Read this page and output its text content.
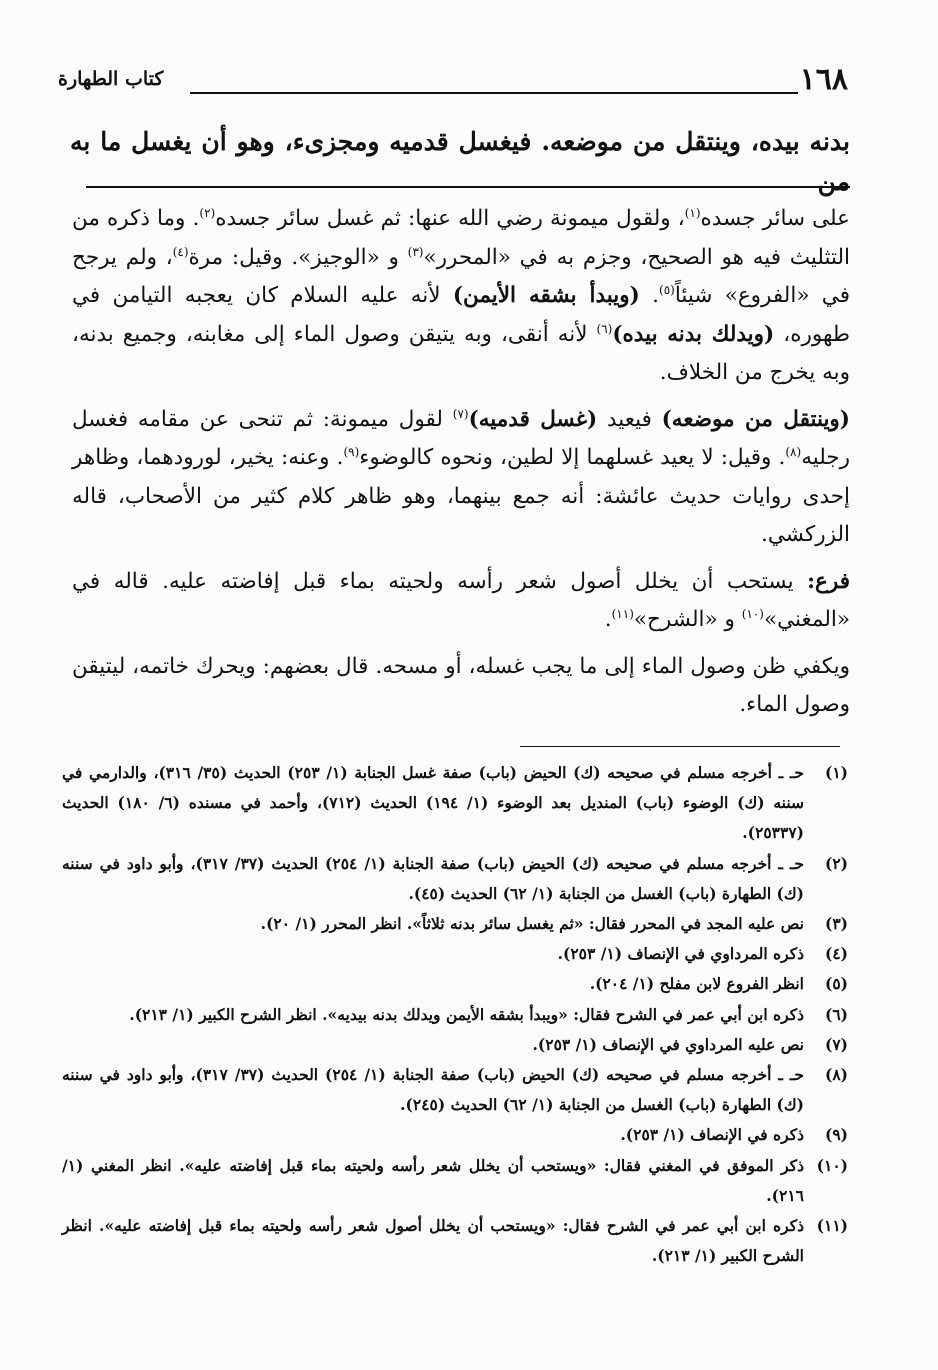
١٦٨
كتاب الطهارة
بدنه بيده، وينتقل من موضعه. فيغسل قدميه ومجزىء، وهو أن يغسل ما به من

على سائر جسده$^{(١)}$، ولقول ميمونة رضي الله عنها: ثم غسل سائر جسده$^{(٢)}$. وما ذكره من التثليث فيه هو الصحيح، وجزم به في «المحرر»$^{(٣)}$ و «الوجيز». وقيل: مرة$^{(٤)}$، ولم يرجح في «الفروع» شيئاً$^{(٥)}$. (ويبدأ بشقه الأيمن) لأنه عليه السلام كان يعجبه التيامن في طهوره، (ويدلك بدنه بيده)$^{(٦)}$ لأنه أنقى، وبه يتيقن وصول الماء إلى مغابنه، وجميع بدنه، وبه يخرج من الخلاف.

(وينتقل من موضعه) فيعيد (غسل قدميه)$^{(٧)}$ لقول ميمونة: ثم تنحى عن مقامه فغسل رجليه$^{(٨)}$. وقيل: لا يعيد غسلهما إلا لطين، ونحوه كالوضوء$^{(٩)}$. وعنه: يخير، لورودهما، وظاهر إحدى روايات حديث عائشة: أنه جمع بينهما، وهو ظاهر كلام كثير من الأصحاب، قاله الزركشي.

فرع: يستحب أن يخلل أصول شعر رأسه ولحيته بماء قبل إفاضته عليه. قاله في «المغني»$^{(١٠)}$ و «الشرح»$^{(١١)}$.

ويكفي ظن وصول الماء إلى ما يجب غسله، أو مسحه. قال بعضهم: ويحرك خاتمه، ليتيقن وصول الماء.

(١)
حـ ـ أخرجه مسلم في صحيحه (ك) الحيض (باب) صفة غسل الجنابة (١/ ٢٥٣) الحديث (٣٥/ ٣١٦)، والدارمي في سننه (ك) الوضوء (باب) المنديل بعد الوضوء (١/ ١٩٤) الحديث (٧١٢)، وأحمد في مسنده (٦/ ١٨٠) الحديث (٢٥٣٣٧).
(٢)
حـ ـ أخرجه مسلم في صحيحه (ك) الحيض (باب) صفة الجنابة (١/ ٢٥٤) الحديث (٣٧/ ٣١٧)، وأبو داود في سننه (ك) الطهارة (باب) الغسل من الجنابة (١/ ٦٢) الحديث (٤٥).
(٣)
نص عليه المجد في المحرر فقال: «ثم يغسل سائر بدنه ثلاثاً». انظر المحرر (١/ ٢٠).
(٤)
ذكره المرداوي في الإنصاف (١/ ٢٥٣).
(٥)
انظر الفروع لابن مفلح (١/ ٢٠٤).
(٦)
ذكره ابن أبي عمر في الشرح فقال: «ويبدأ بشقه الأيمن ويدلك بدنه بيديه». انظر الشرح الكبير (١/ ٢١٣).
(٧)
نص عليه المرداوي في الإنصاف (١/ ٢٥٣).
(٨)
حـ ـ أخرجه مسلم في صحيحه (ك) الحيض (باب) صفة الجنابة (١/ ٢٥٤) الحديث (٣٧/ ٣١٧)، وأبو داود في سننه (ك) الطهارة (باب) الغسل من الجنابة (١/ ٦٢) الحديث (٢٤٥).
(٩)
ذكره في الإنصاف (١/ ٢٥٣).
(١٠)
ذكر الموفق في المغني فقال: «ويستحب أن يخلل شعر رأسه ولحيته بماء قبل إفاضته عليه». انظر المغني (١/ ٢١٦).
(١١)
ذكره ابن أبي عمر في الشرح فقال: «ويستحب أن يخلل أصول شعر رأسه ولحيته بماء قبل إفاضته عليه». انظر الشرح الكبير (١/ ٢١٣).
